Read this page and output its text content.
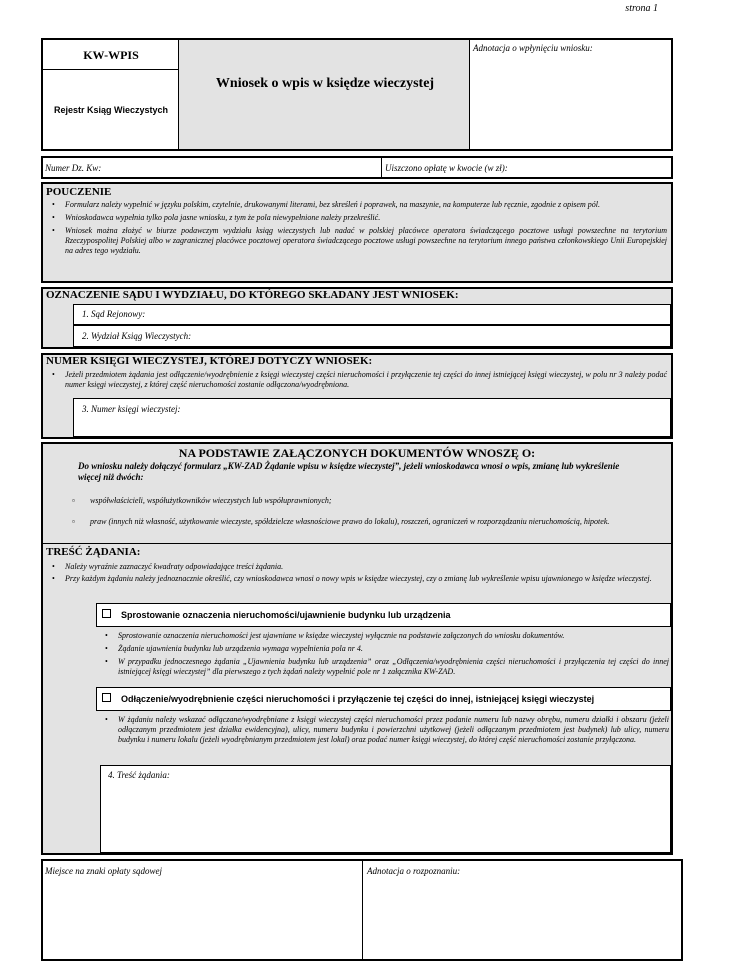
strona 1
KW-WPIS
Rejestr Ksiąg Wieczystych
Wniosek o wpis w księdze wieczystej
Adnotacja o wpłynięciu wniosku:
Numer Dz. Kw:	Uiszczono opłatę w kwocie (w zł):
POUCZENIE
• Formularz należy wypełnić w języku polskim, czytelnie, drukowanymi literami, bez skreśleń i poprawek, na maszynie, na komputerze lub ręcznie, zgodnie z opisem pól.
• Wnioskodawca wypełnia tylko pola jasne wniosku, z tym że pola niewypełnione należy przekreślić.
• Wniosek można złożyć w biurze podawczym wydziału ksiąg wieczystych lub nadać w polskiej placówce operatora świadczącego pocztowe usługi powszechne na terytorium Rzeczypospolitej Polskiej albo w zagranicznej placówce pocztowej operatora świadczącego pocztowe usługi powszechne na terytorium innego państwa członkowskiego Unii Europejskiej na adres tego wydziału.
OZNACZENIE SĄDU I WYDZIAŁU, DO KTÓREGO SKŁADANY JEST WNIOSEK:
1. Sąd Rejonowy:
2. Wydział Ksiąg Wieczystych:
NUMER KSIĘGI WIECZYSTEJ, KTÓREJ DOTYCZY WNIOSEK:
• Jeżeli przedmiotem żądania jest odłączenie/wyodrębnienie z księgi wieczystej części nieruchomości i przyłączenie tej części do innej istniejącej księgi wieczystej, w polu nr 3 należy podać numer księgi wieczystej, z której część nieruchomości zostanie odłączona/wyodrębniona.
3. Numer księgi wieczystej:
NA PODSTAWIE ZAŁĄCZONYCH DOKUMENTÓW WNOSZĘ O:
Do wniosku należy dołączyć formularz „KW-ZAD Żądanie wpisu w księdze wieczystej”, jeżeli wnioskodawca wnosi o wpis, zmianę lub wykreślenie więcej niż dwóch:
▫ współwłaścicieli, współużytkowników wieczystych lub współuprawnionych;
▫ praw (innych niż własność, użytkowanie wieczyste, spółdzielcze własnościowe prawo do lokalu), roszczeń, ograniczeń w rozporządzaniu nieruchomością, hipotek.
TREŚĆ ŻĄDANIA:
• Należy wyraźnie zaznaczyć kwadraty odpowiadające treści żądania.
• Przy każdym żądaniu należy jednoznacznie określić, czy wnioskodawca wnosi o nowy wpis w księdze wieczystej, czy o zmianę lub wykreślenie wpisu ujawnionego w księdze wieczystej.
Sprostowanie oznaczenia nieruchomości/ujawnienie budynku lub urządzenia
• Sprostowanie oznaczenia nieruchomości jest ujawniane w księdze wieczystej wyłącznie na podstawie załączonych do wniosku dokumentów.
• Żądanie ujawnienia budynku lub urządzenia wymaga wypełnienia pola nr 4.
• W przypadku jednoczesnego żądania „Ujawnienia budynku lub urządzenia” oraz „Odłączenia/wyodrębnienia części nieruchomości i przyłączenia tej części do innej istniejącej księgi wieczystej” dla pierwszego z tych żądań należy wypełnić pole nr 1 załącznika KW-ZAD.
Odłączenie/wyodrębnienie części nieruchomości i przyłączenie tej części do innej, istniejącej księgi wieczystej
• W żądaniu należy wskazać odłączane/wyodrębniane z księgi wieczystej części nieruchomości przez podanie numeru lub nazwy obrębu, numeru działki i obszaru (jeżeli odłączanym przedmiotem jest działka ewidencyjna), ulicy, numeru budynku i powierzchni użytkowej (jeżeli odłączanym przedmiotem jest budynek) lub ulicy, numeru budynku i numeru lokalu (jeżeli wyodrębnianym przedmiotem jest lokal) oraz podać numer księgi wieczystej, do której część nieruchomości zostanie przyłączona.
4. Treść żądania:
Miejsce na znaki opłaty sądowej	Adnotacja o rozpoznaniu:
